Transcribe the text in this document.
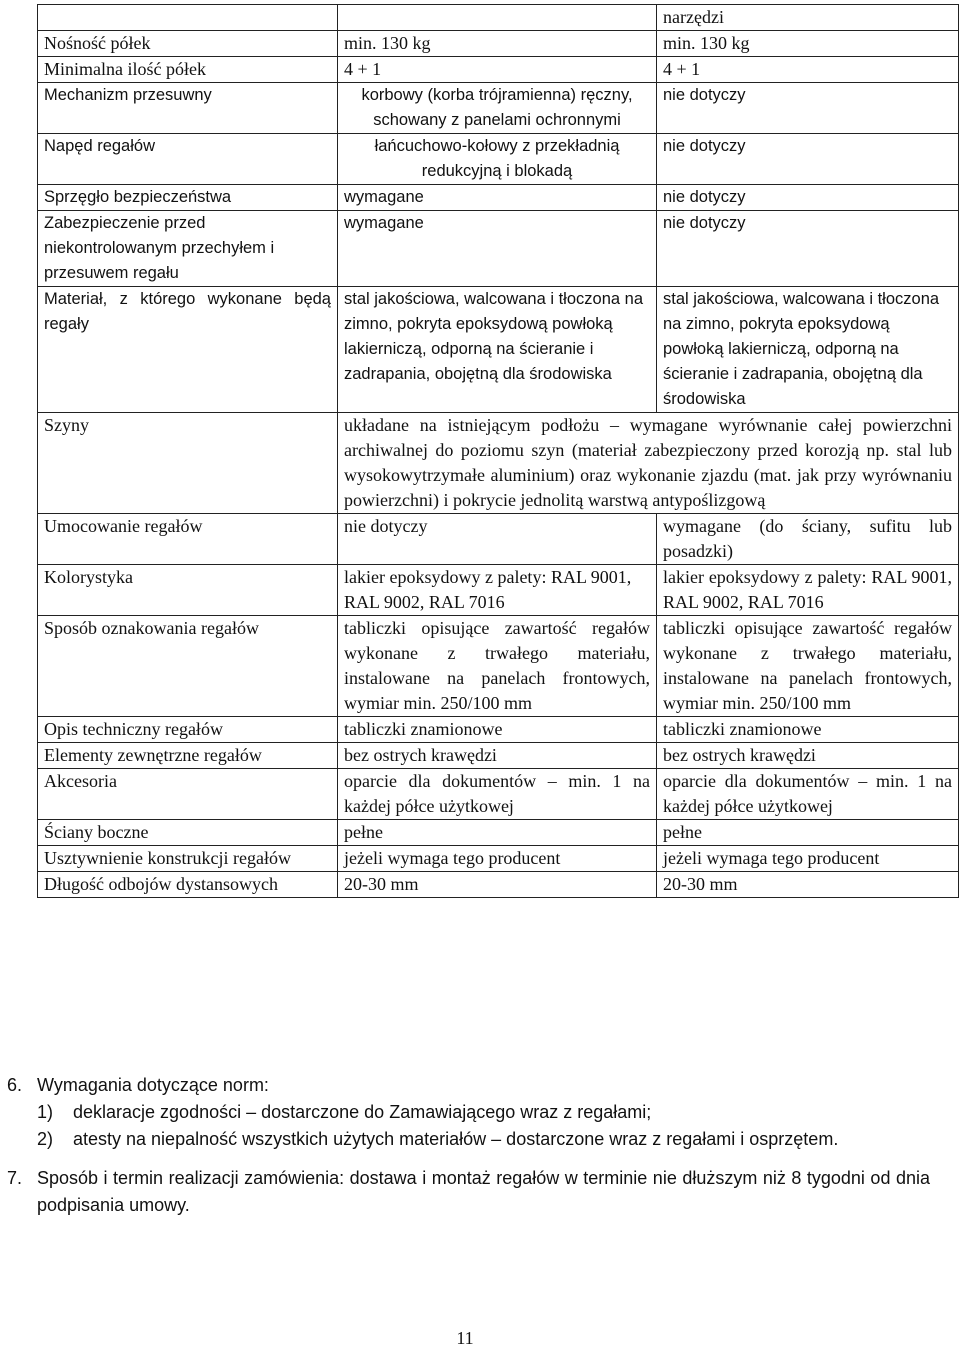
		narzędzi
Nośność półek	min. 130 kg	min. 130 kg
Minimalna ilość półek	4 + 1	4 + 1
Mechanizm przesuwny	korbowy (korba trójramienna) ręczny, schowany z panelami ochronnymi	nie dotyczy
Napęd regałów	łańcuchowo-kołowy z przekładnią redukcyjną i blokadą	nie dotyczy
Sprzęgło bezpieczeństwa	wymagane	nie dotyczy
Zabezpieczenie przed niekontrolowanym przechyłem i przesuwem regału	wymagane	nie dotyczy
Materiał, z którego wykonane będą regały	stal jakościowa, walcowana i tłoczona na zimno, pokryta epoksydową powłoką lakierniczą, odporną na ścieranie i zadrapania, obojętną dla środowiska	stal jakościowa, walcowana i tłoczona na zimno, pokryta epoksydową powłoką lakierniczą, odporną na ścieranie i zadrapania, obojętną dla środowiska
Szyny	układane na istniejącym podłożu – wymagane wyrównanie całej powierzchni archiwalnej do poziomu szyn (materiał zabezpieczony przed korozją np. stal lub wysokowytrzymałe aluminium) oraz wykonanie zjazdu (mat. jak przy wyrównaniu powierzchni) i pokrycie jednolitą warstwą antypoślizgową	
Umocowanie regałów	nie dotyczy	wymagane (do ściany, sufitu lub posadzki)
Kolorystyka	lakier epoksydowy z palety: RAL 9001, RAL 9002, RAL 7016	lakier epoksydowy z palety: RAL 9001, RAL 9002, RAL 7016
Sposób oznakowania regałów	tabliczki opisujące zawartość regałów wykonane z trwałego materiału, instalowane na panelach frontowych, wymiar min. 250/100 mm	tabliczki opisujące zawartość regałów wykonane z trwałego materiału, instalowane na panelach frontowych, wymiar min. 250/100 mm
Opis techniczny regałów	tabliczki znamionowe	tabliczki znamionowe
Elementy zewnętrzne regałów	bez ostrych krawędzi	bez ostrych krawędzi
Akcesoria	oparcie dla dokumentów – min. 1 na każdej półce użytkowej	oparcie dla dokumentów – min. 1 na każdej półce użytkowej
Ściany boczne	pełne	pełne
Usztywnienie konstrukcji regałów	jeżeli wymaga tego producent	jeżeli wymaga tego producent
Długość odbojów dystansowych	20-30 mm	20-30 mm
6. Wymagania dotyczące norm:
1) deklaracje zgodności – dostarczone do Zamawiającego wraz z regałami;
2) atesty na niepalność wszystkich użytych materiałów – dostarczone wraz z regałami i osprzętem.
7. Sposób i termin realizacji zamówienia: dostawa i montaż regałów w terminie nie dłuższym niż 8 tygodni od dnia podpisania umowy.
11
